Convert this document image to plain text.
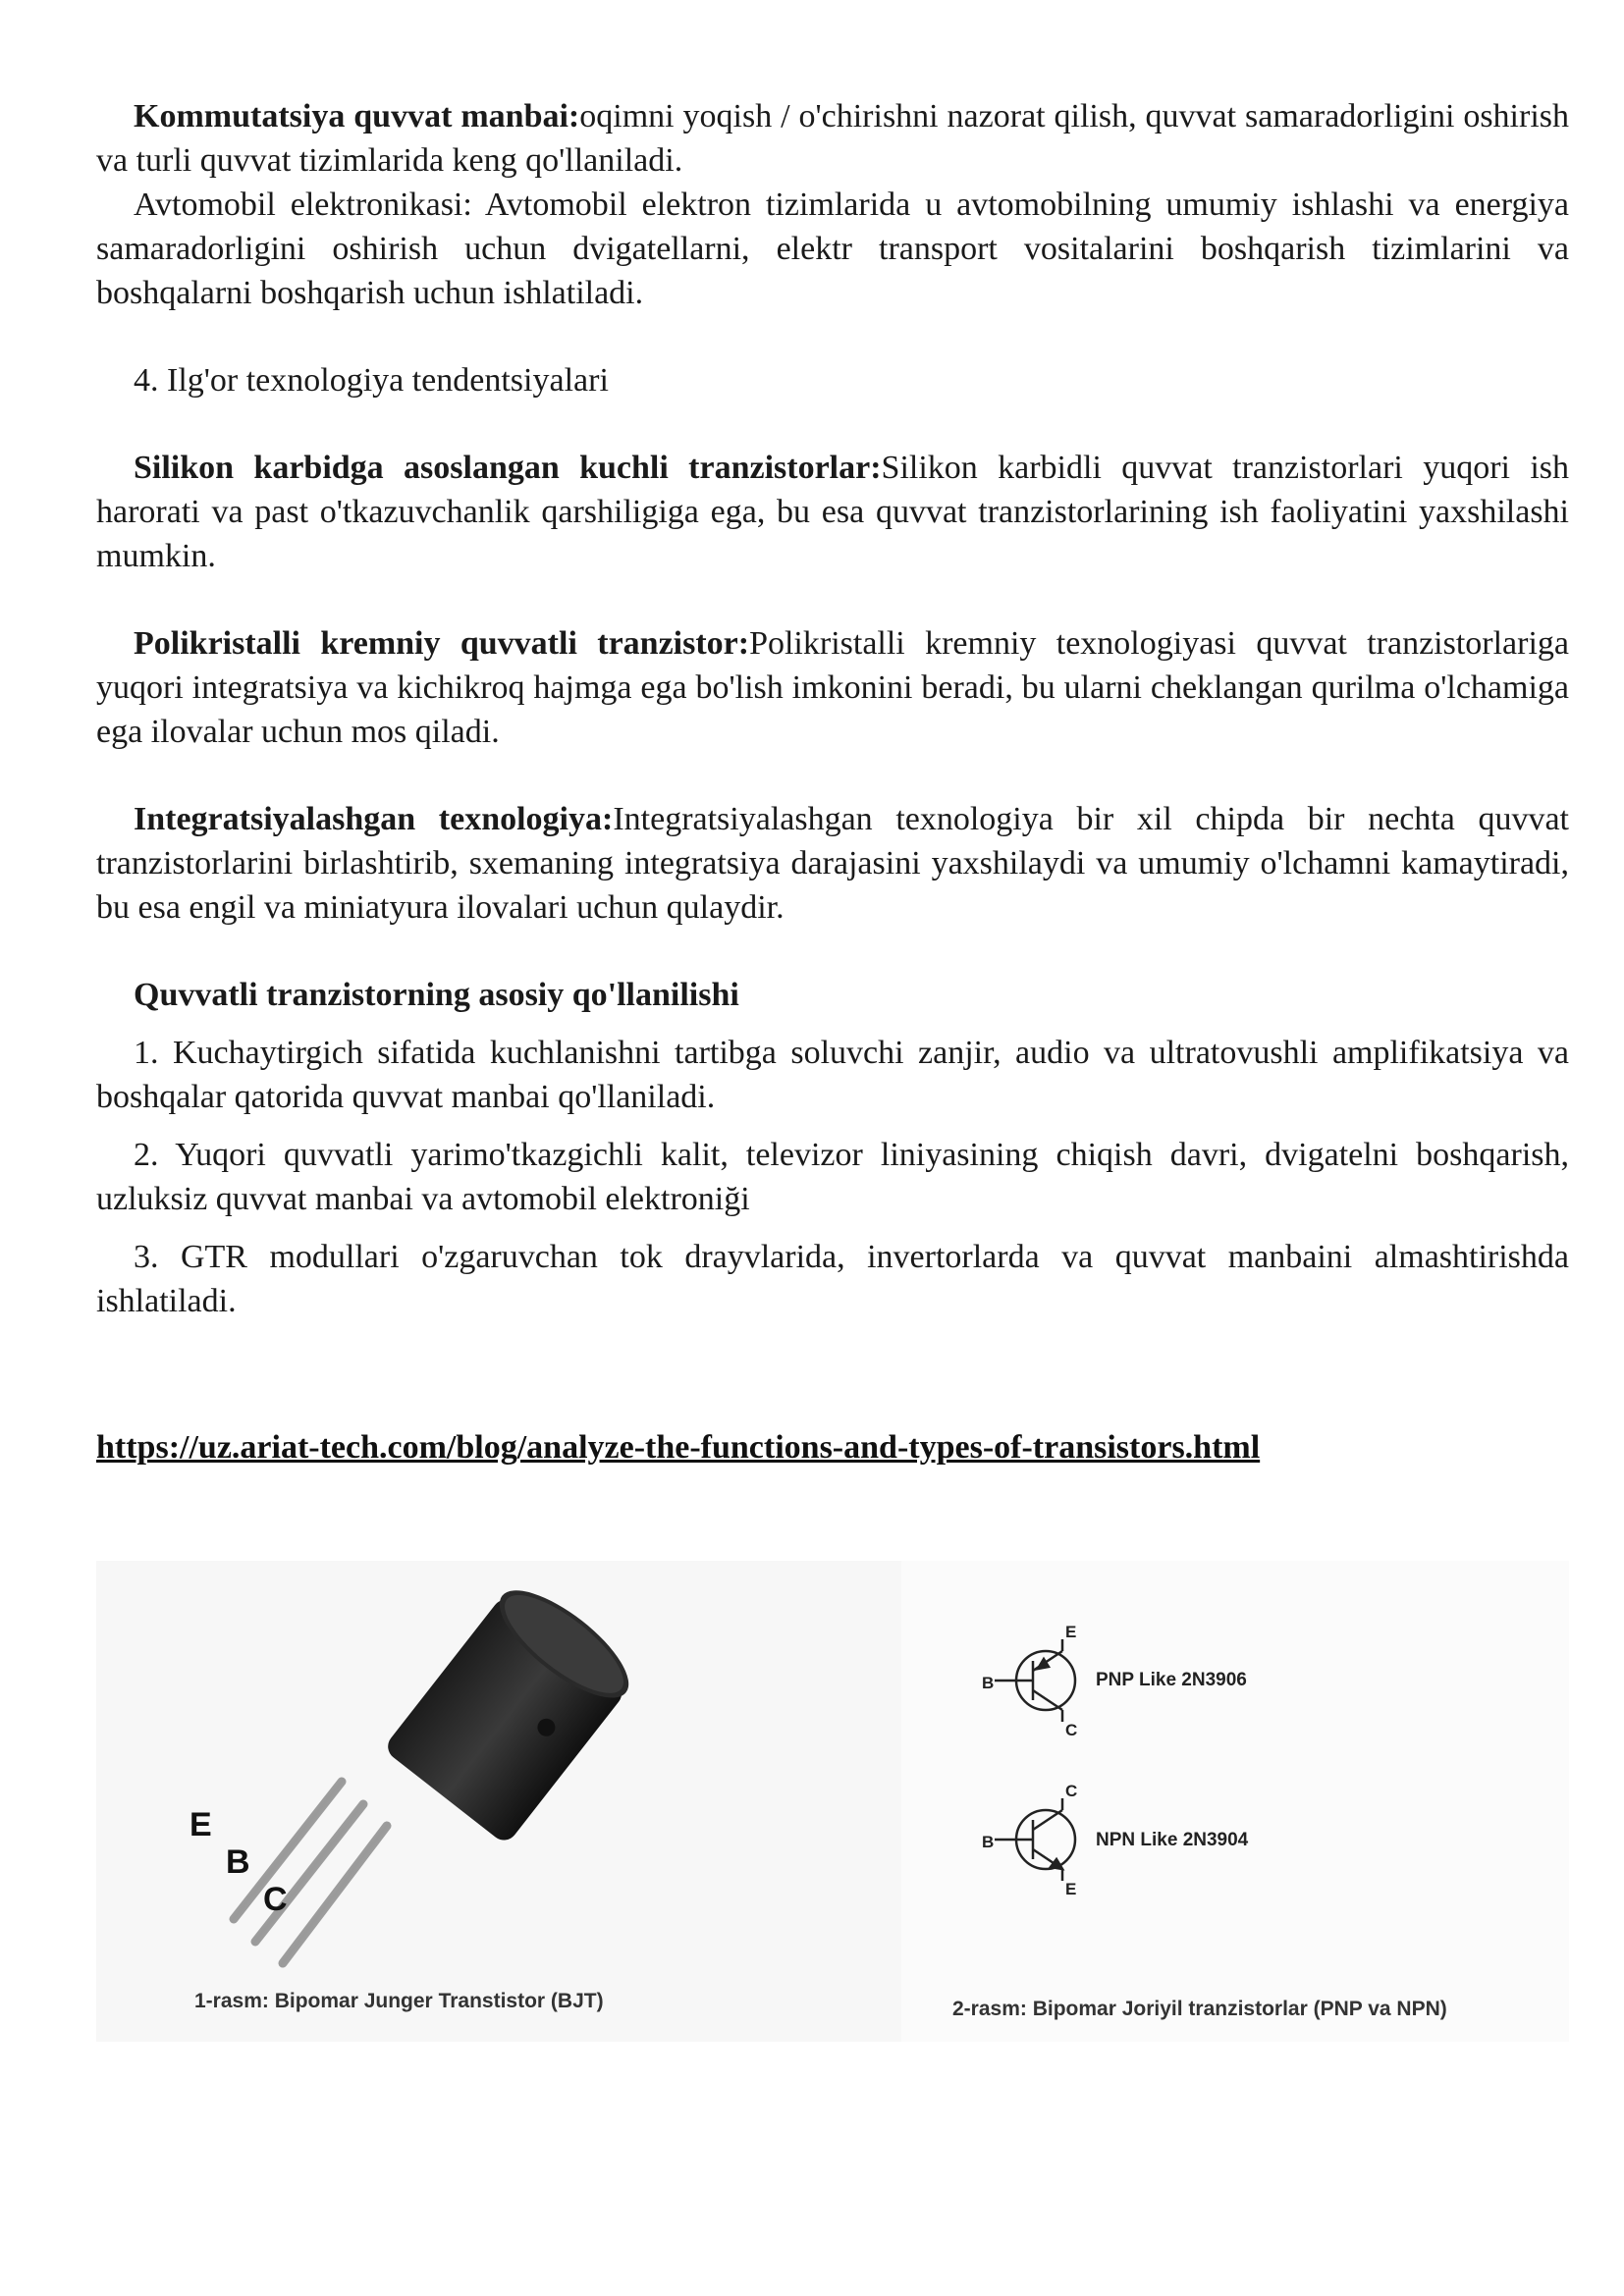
Kommutatsiya quvvat manbai:oqimni yoqish / o'chirishni nazorat qilish, quvvat samaradorligini oshirish va turli quvvat tizimlarida keng qo'llaniladi.

Avtomobil elektronikasi: Avtomobil elektron tizimlarida u avtomobilning umumiy ishlashi va energiya samaradorligini oshirish uchun dvigatellarni, elektr transport vositalarini boshqarish tizimlarini va boshqalarni boshqarish uchun ishlatiladi.

4. Ilg'or texnologiya tendentsiyalari

Silikon karbidga asoslangan kuchli tranzistorlar:Silikon karbidli quvvat tranzistorlari yuqori ish harorati va past o'tkazuvchanlik qarshiligiga ega, bu esa quvvat tranzistorlarining ish faoliyatini yaxshilashi mumkin.

Polikristalli kremniy quvvatli tranzistor:Polikristalli kremniy texnologiyasi quvvat tranzistorlariga yuqori integratsiya va kichikroq hajmga ega bo'lish imkonini beradi, bu ularni cheklangan qurilma o'lchamiga ega ilovalar uchun mos qiladi.

Integratsiyalashgan texnologiya:Integratsiyalashgan texnologiya bir xil chipda bir nechta quvvat tranzistorlarini birlashtirib, sxemaning integratsiya darajasini yaxshilaydi va umumiy o'lchamni kamaytiradi, bu esa engil va miniatyura ilovalari uchun qulaydir.

Quvvatli tranzistorning asosiy qo'llanilishi

1. Kuchaytirgich sifatida kuchlanishni tartibga soluvchi zanjir, audio va ultratovushli amplifikatsiya va boshqalar qatorida quvvat manbai qo'llaniladi.

2. Yuqori quvvatli yarimo'tkazgichli kalit, televizor liniyasining chiqish davri, dvigatelni boshqarish, uzluksiz quvvat manbai va avtomobil elektroniği

3. GTR modullari o'zgaruvchan tok drayvlarida, invertorlarda va quvvat manbaini almashtirishda ishlatiladi.

https://uz.ariat-tech.com/blog/analyze-the-functions-and-types-of-transistors.html

E
B
C
1-rasm: Bipomar Junger Transtistor (BJT)
B
E
C
PNP Like 2N3906
B
C
E
NPN Like 2N3904
2-rasm: Bipomar Joriyil tranzistorlar (PNP va NPN)
